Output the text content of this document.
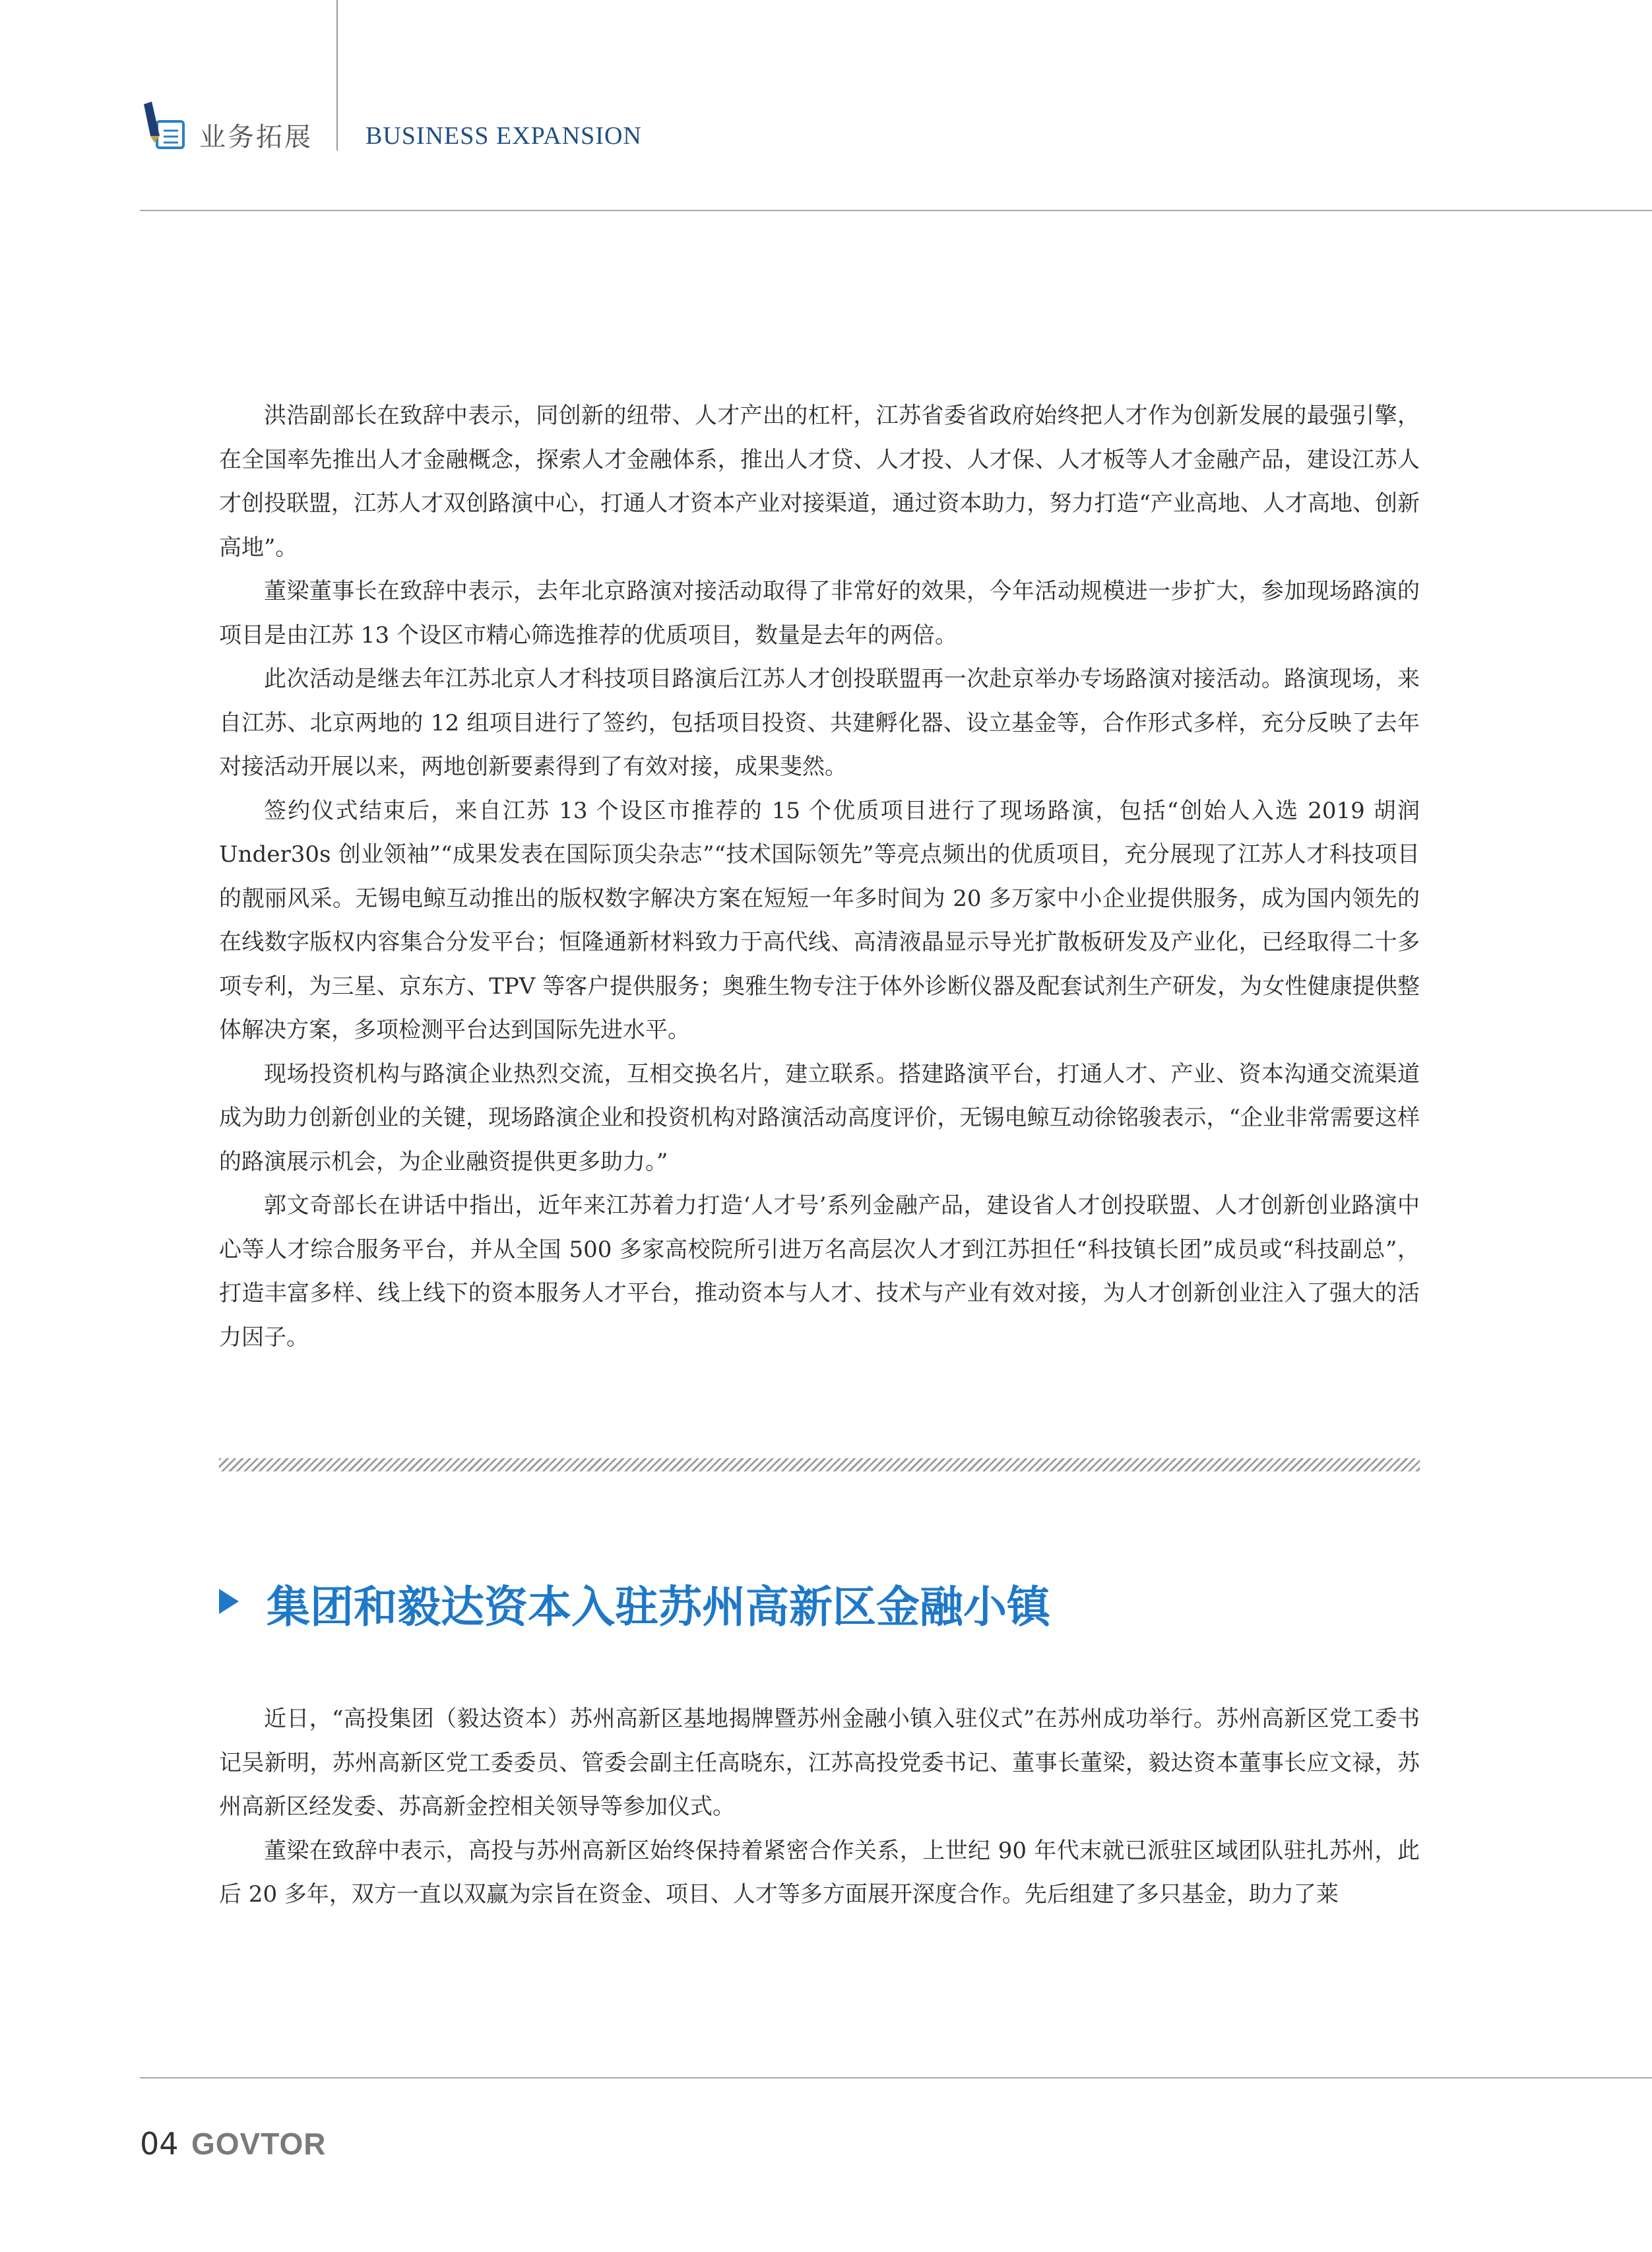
业务拓展 BUSINESS EXPANSION

洪浩副部长在致辞中表示，同创新的纽带、人才产出的杠杆，江苏省委省政府始终把人才作为创新发展的最强引擎，在全国率先推出人才金融概念，探索人才金融体系，推出人才贷、人才投、人才保、人才板等人才金融产品，建设江苏人才创投联盟，江苏人才双创路演中心，打通人才资本产业对接渠道，通过资本助力，努力打造“产业高地、人才高地、创新高地”。

董梁董事长在致辞中表示，去年北京路演对接活动取得了非常好的效果，今年活动规模进一步扩大，参加现场路演的项目是由江苏 13 个设区市精心筛选推荐的优质项目，数量是去年的两倍。

此次活动是继去年江苏北京人才科技项目路演后江苏人才创投联盟再一次赴京举办专场路演对接活动。路演现场，来自江苏、北京两地的 12 组项目进行了签约，包括项目投资、共建孵化器、设立基金等，合作形式多样，充分反映了去年对接活动开展以来，两地创新要素得到了有效对接，成果斐然。

签约仪式结束后，来自江苏 13 个设区市推荐的 15 个优质项目进行了现场路演，包括“创始人入选 2019 胡润 Under30s 创业领袖”“成果发表在国际顶尖杂志”“技术国际领先”等亮点频出的优质项目，充分展现了江苏人才科技项目的靓丽风采。无锡电鲸互动推出的版权数字解决方案在短短一年多时间为 20 多万家中小企业提供服务，成为国内领先的在线数字版权内容集合分发平台；恒隆通新材料致力于高代线、高清液晶显示导光扩散板研发及产业化，已经取得二十多项专利，为三星、京东方、TPV 等客户提供服务；奥雅生物专注于体外诊断仪器及配套试剂生产研发，为女性健康提供整体解决方案，多项检测平台达到国际先进水平。

现场投资机构与路演企业热烈交流，互相交换名片，建立联系。搭建路演平台，打通人才、产业、资本沟通交流渠道成为助力创新创业的关键，现场路演企业和投资机构对路演活动高度评价，无锡电鲸互动徐铭骏表示，“企业非常需要这样的路演展示机会，为企业融资提供更多助力。”

郭文奇部长在讲话中指出，近年来江苏着力打造‘人才号’系列金融产品，建设省人才创投联盟、人才创新创业路演中心等人才综合服务平台，并从全国 500 多家高校院所引进万名高层次人才到江苏担任“科技镇长团”成员或“科技副总”，打造丰富多样、线上线下的资本服务人才平台，推动资本与人才、技术与产业有效对接，为人才创新创业注入了强大的活力因子。

集团和毅达资本入驻苏州高新区金融小镇

近日，“高投集团（毅达资本）苏州高新区基地揭牌暨苏州金融小镇入驻仪式”在苏州成功举行。苏州高新区党工委书记吴新明，苏州高新区党工委委员、管委会副主任高晓东，江苏高投党委书记、董事长董梁，毅达资本董事长应文禄，苏州高新区经发委、苏高新金控相关领导等参加仪式。

董梁在致辞中表示，高投与苏州高新区始终保持着紧密合作关系，上世纪 90 年代末就已派驻区域团队驻扎苏州，此后 20 多年，双方一直以双赢为宗旨在资金、项目、人才等多方面展开深度合作。先后组建了多只基金，助力了莱

04 GOVTOR
